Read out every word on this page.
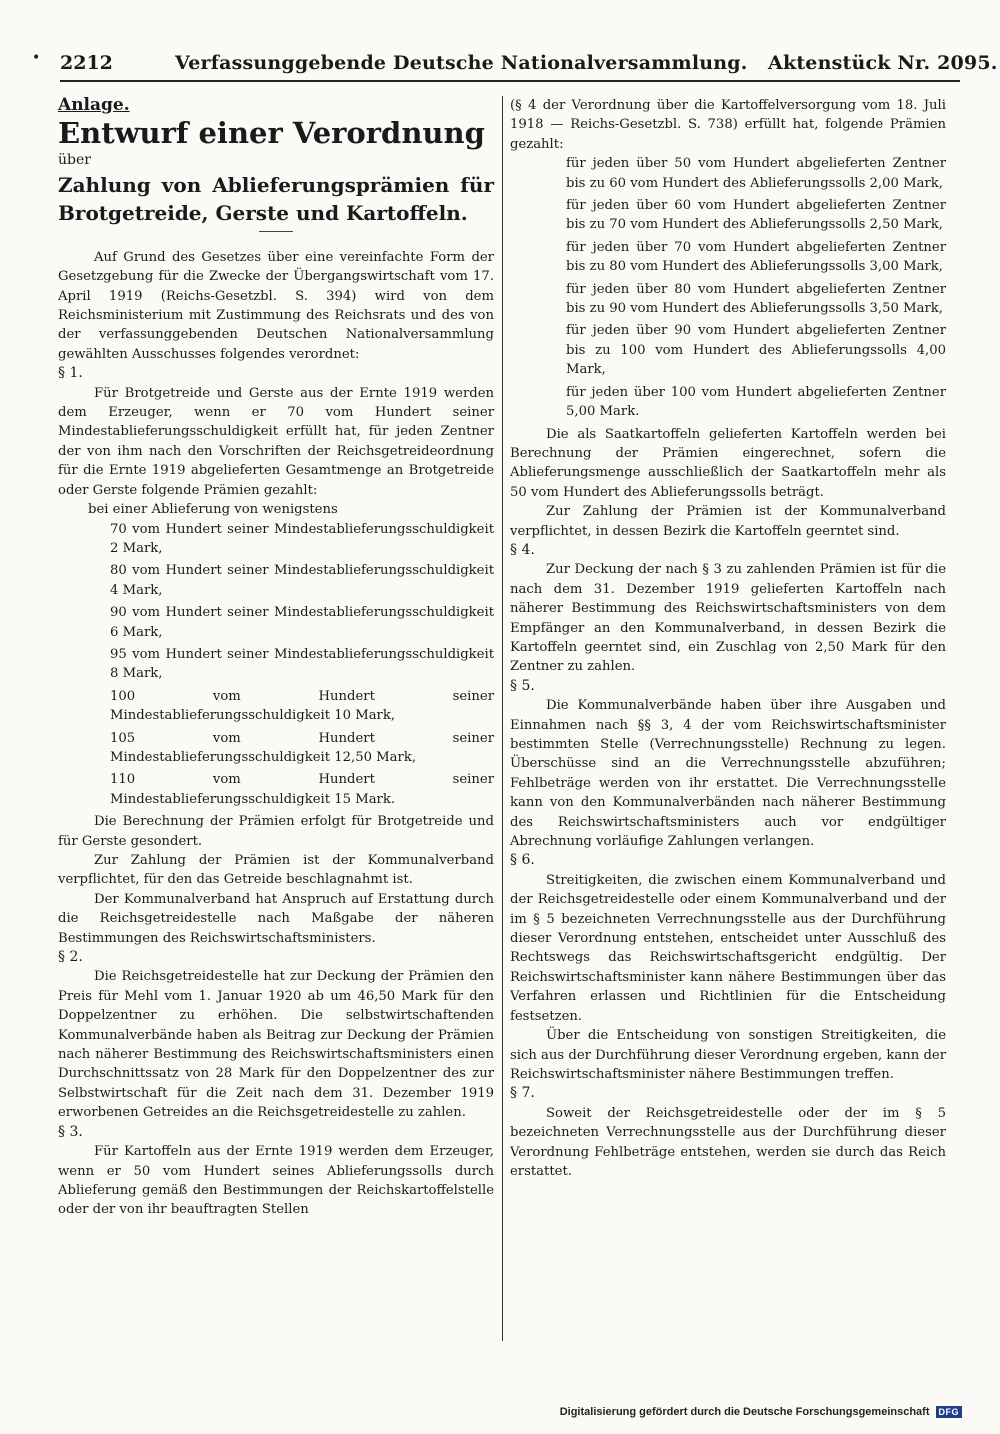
• 2212	Verfassunggebende Deutsche Nationalversammlung.   Aktenstück Nr. 2095.

Anlage.

Entwurf einer Verordnung

über

Zahlung von Ablieferungsprämien für Brotgetreide, Gerste und Kartoffeln.

Auf Grund des Gesetzes über eine vereinfachte Form der Gesetzgebung für die Zwecke der Übergangswirtschaft vom 17. April 1919 (Reichs-Gesetzbl. S. 394) wird von dem Reichsministerium mit Zustimmung des Reichsrats und des von der verfassunggebenden Deutschen Nationalversammlung gewählten Ausschusses folgendes verordnet:

§ 1.

Für Brotgetreide und Gerste aus der Ernte 1919 werden dem Erzeuger, wenn er 70 vom Hundert seiner Mindestablieferungsschuldigkeit erfüllt hat, für jeden Zentner der von ihm nach den Vorschriften der Reichsgetreideordnung für die Ernte 1919 abgelieferten Gesamtmenge an Brotgetreide oder Gerste folgende Prämien gezahlt:

bei einer Ablieferung von wenigstens

70 vom Hundert seiner Mindestablieferungsschuldigkeit 2 Mark,
80 vom Hundert seiner Mindestablieferungsschuldigkeit 4 Mark,
90 vom Hundert seiner Mindestablieferungsschuldigkeit 6 Mark,
95 vom Hundert seiner Mindestablieferungsschuldigkeit 8 Mark,
100 vom Hundert seiner Mindestablieferungsschuldigkeit 10 Mark,
105 vom Hundert seiner Mindestablieferungsschuldigkeit 12,50 Mark,
110 vom Hundert seiner Mindestablieferungsschuldigkeit 15 Mark.

Die Berechnung der Prämien erfolgt für Brotgetreide und für Gerste gesondert.

Zur Zahlung der Prämien ist der Kommunalverband verpflichtet, für den das Getreide beschlagnahmt ist.

Der Kommunalverband hat Anspruch auf Erstattung durch die Reichsgetreidestelle nach Maßgabe der näheren Bestimmungen des Reichswirtschaftsministers.

§ 2.

Die Reichsgetreidestelle hat zur Deckung der Prämien den Preis für Mehl vom 1. Januar 1920 ab um 46,50 Mark für den Doppelzentner zu erhöhen. Die selbstwirtschaftenden Kommunalverbände haben als Beitrag zur Deckung der Prämien nach näherer Bestimmung des Reichswirtschaftsministers einen Durchschnittssatz von 28 Mark für den Doppelzentner des zur Selbstwirtschaft für die Zeit nach dem 31. Dezember 1919 erworbenen Getreides an die Reichsgetreidestelle zu zahlen.

§ 3.

Für Kartoffeln aus der Ernte 1919 werden dem Erzeuger, wenn er 50 vom Hundert seines Ablieferungssolls durch Ablieferung gemäß den Bestimmungen der Reichskartoffelstelle oder der von ihr beauftragten Stellen

(§ 4 der Verordnung über die Kartoffelversorgung vom 18. Juli 1918 — Reichs-Gesetzbl. S. 738) erfüllt hat, folgende Prämien gezahlt:

für jeden über 50 vom Hundert abgelieferten Zentner bis zu 60 vom Hundert des Ablieferungssolls 2,00 Mark,
für jeden über 60 vom Hundert abgelieferten Zentner bis zu 70 vom Hundert des Ablieferungssolls 2,50 Mark,
für jeden über 70 vom Hundert abgelieferten Zentner bis zu 80 vom Hundert des Ablieferungssolls 3,00 Mark,
für jeden über 80 vom Hundert abgelieferten Zentner bis zu 90 vom Hundert des Ablieferungssolls 3,50 Mark,
für jeden über 90 vom Hundert abgelieferten Zentner bis zu 100 vom Hundert des Ablieferungssolls 4,00 Mark,
für jeden über 100 vom Hundert abgelieferten Zentner 5,00 Mark.

Die als Saatkartoffeln gelieferten Kartoffeln werden bei Berechnung der Prämien eingerechnet, sofern die Ablieferungsmenge ausschließlich der Saatkartoffeln mehr als 50 vom Hundert des Ablieferungssolls beträgt.

Zur Zahlung der Prämien ist der Kommunalverband verpflichtet, in dessen Bezirk die Kartoffeln geerntet sind.

§ 4.

Zur Deckung der nach § 3 zu zahlenden Prämien ist für die nach dem 31. Dezember 1919 gelieferten Kartoffeln nach näherer Bestimmung des Reichswirtschaftsministers von dem Empfänger an den Kommunalverband, in dessen Bezirk die Kartoffeln geerntet sind, ein Zuschlag von 2,50 Mark für den Zentner zu zahlen.

§ 5.

Die Kommunalverbände haben über ihre Ausgaben und Einnahmen nach §§ 3, 4 der vom Reichswirtschaftsminister bestimmten Stelle (Verrechnungsstelle) Rechnung zu legen. Überschüsse sind an die Verrechnungsstelle abzuführen; Fehlbeträge werden von ihr erstattet. Die Verrechnungsstelle kann von den Kommunalverbänden nach näherer Bestimmung des Reichswirtschaftsministers auch vor endgültiger Abrechnung vorläufige Zahlungen verlangen.

§ 6.

Streitigkeiten, die zwischen einem Kommunalverband und der Reichsgetreidestelle oder einem Kommunalverband und der im § 5 bezeichneten Verrechnungsstelle aus der Durchführung dieser Verordnung entstehen, entscheidet unter Ausschluß des Rechtswegs das Reichswirtschaftsgericht endgültig. Der Reichswirtschaftsminister kann nähere Bestimmungen über das Verfahren erlassen und Richtlinien für die Entscheidung festsetzen.

Über die Entscheidung von sonstigen Streitigkeiten, die sich aus der Durchführung dieser Verordnung ergeben, kann der Reichswirtschaftsminister nähere Bestimmungen treffen.

§ 7.

Soweit der Reichsgetreidestelle oder der im § 5 bezeichneten Verrechnungsstelle aus der Durchführung dieser Verordnung Fehlbeträge entstehen, werden sie durch das Reich erstattet.

Digitalisierung gefördert durch die Deutsche Forschungsgemeinschaft	DFG
